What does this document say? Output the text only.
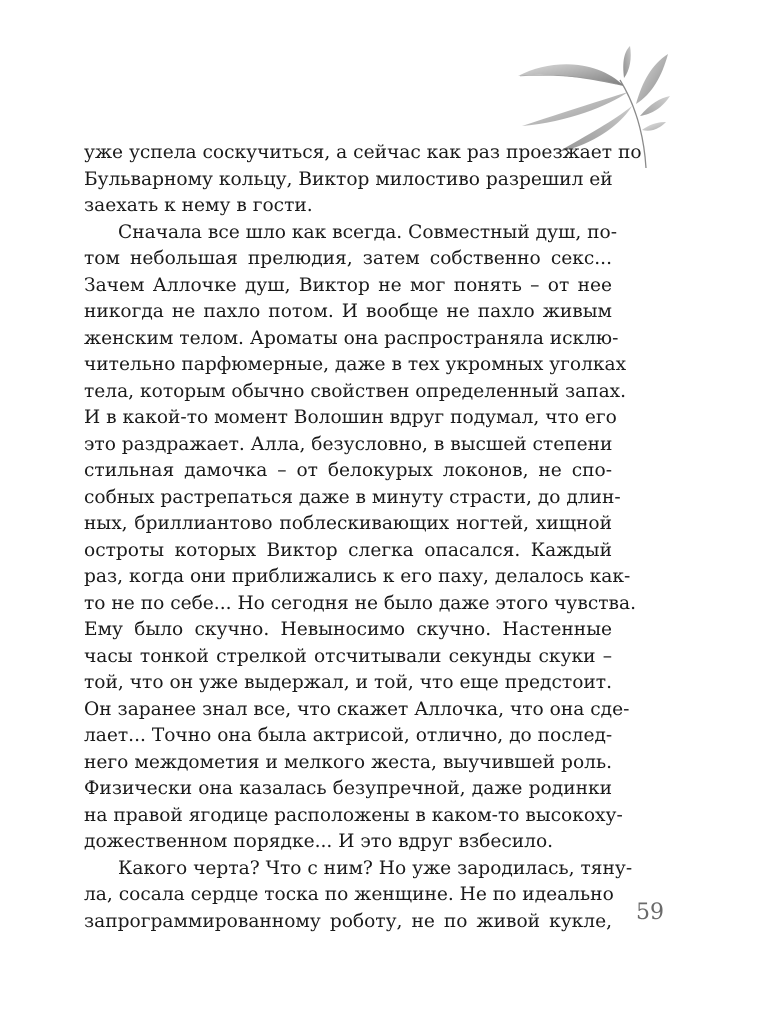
уже успела соскучиться, а сейчас как раз проезжает по
Бульварному кольцу, Виктор милостиво разрешил ей
заехать к нему в гости.
Сначала все шло как всегда. Совместный душ, по-
том небольшая прелюдия, затем собственно секс...
Зачем Аллочке душ, Виктор не мог понять – от нее
никогда не пахло потом. И вообще не пахло живым
женским телом. Ароматы она распространяла исклю-
чительно парфюмерные, даже в тех укромных уголках
тела, которым обычно свойствен определенный запах.
И в какой-то момент Волошин вдруг подумал, что его
это раздражает. Алла, безусловно, в высшей степени
стильная дамочка – от белокурых локонов, не спо-
собных растрепаться даже в минуту страсти, до длин-
ных, бриллиантово поблескивающих ногтей, хищной
остроты которых Виктор слегка опасался. Каждый
раз, когда они приближались к его паху, делалось как-
то не по себе... Но сегодня не было даже этого чувства.
Ему было скучно. Невыносимо скучно. Настенные
часы тонкой стрелкой отсчитывали секунды скуки –
той, что он уже выдержал, и той, что еще предстоит.
Он заранее знал все, что скажет Аллочка, что она сде-
лает... Точно она была актрисой, отлично, до послед-
него междометия и мелкого жеста, выучившей роль.
Физически она казалась безупречной, даже родинки
на правой ягодице расположены в каком-то высокоху-
дожественном порядке... И это вдруг взбесило.
Какого черта? Что с ним? Но уже зародилась, тяну-
ла, сосала сердце тоска по женщине. Не по идеально
запрограммированному роботу, не по живой кукле, 59
